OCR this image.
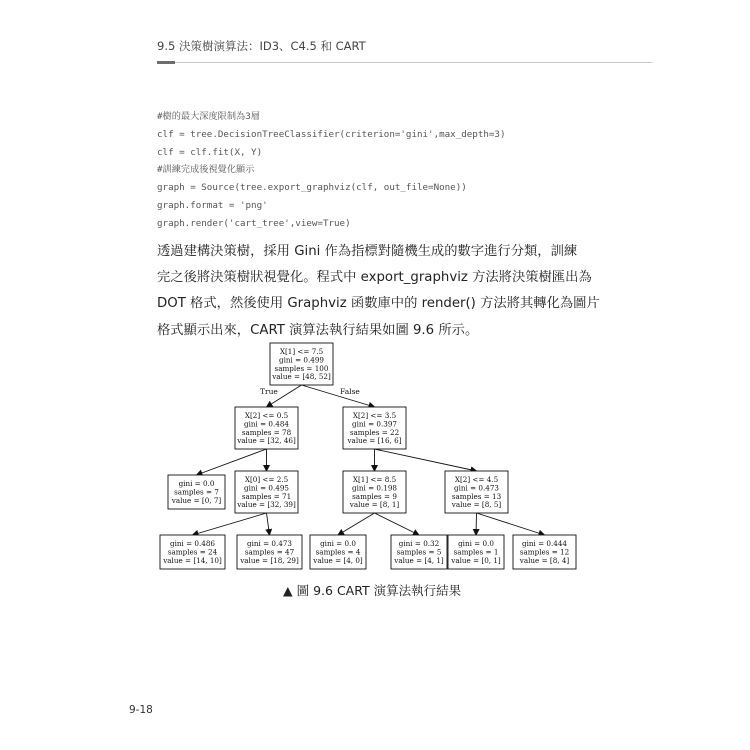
9.5 決策樹演算法：ID3、C4.5 和 CART
#樹的最大深度限制為3層
clf = tree.DecisionTreeClassifier(criterion='gini',max_depth=3)
clf = clf.fit(X, Y)
#訓練完成後視覺化顯示
graph = Source(tree.export_graphviz(clf, out_file=None))
graph.format = 'png'
graph.render('cart_tree',view=True)
透過建構決策樹，採用 Gini 作為指標對隨機生成的數字進行分類，訓練
完之後將決策樹狀視覺化。程式中 export_graphviz 方法將決策樹匯出為
DOT 格式，然後使用 Graphviz 函數庫中的 render() 方法將其轉化為圖片
格式顯示出來，CART 演算法執行結果如圖 9.6 所示。
X[1] <= 7.5
gini = 0.499
samples = 100
value = [48, 52]
X[2] <= 0.5
gini = 0.484
samples = 78
value = [32, 46]
X[2] <= 3.5
gini = 0.397
samples = 22
value = [16, 6]
gini = 0.0
samples = 7
value = [0, 7]
X[0] <= 2.5
gini = 0.495
samples = 71
value = [32, 39]
X[1] <= 8.5
gini = 0.198
samples = 9
value = [8, 1]
X[2] <= 4.5
gini = 0.473
samples = 13
value = [8, 5]
gini = 0.486
samples = 24
value = [14, 10]
gini = 0.473
samples = 47
value = [18, 29]
gini = 0.0
samples = 4
value = [4, 0]
gini = 0.32
samples = 5
value = [4, 1]
gini = 0.0
samples = 1
value = [0, 1]
gini = 0.444
samples = 12
value = [8, 4]
True	False
▲ 圖 9.6 CART 演算法執行結果
9-18
